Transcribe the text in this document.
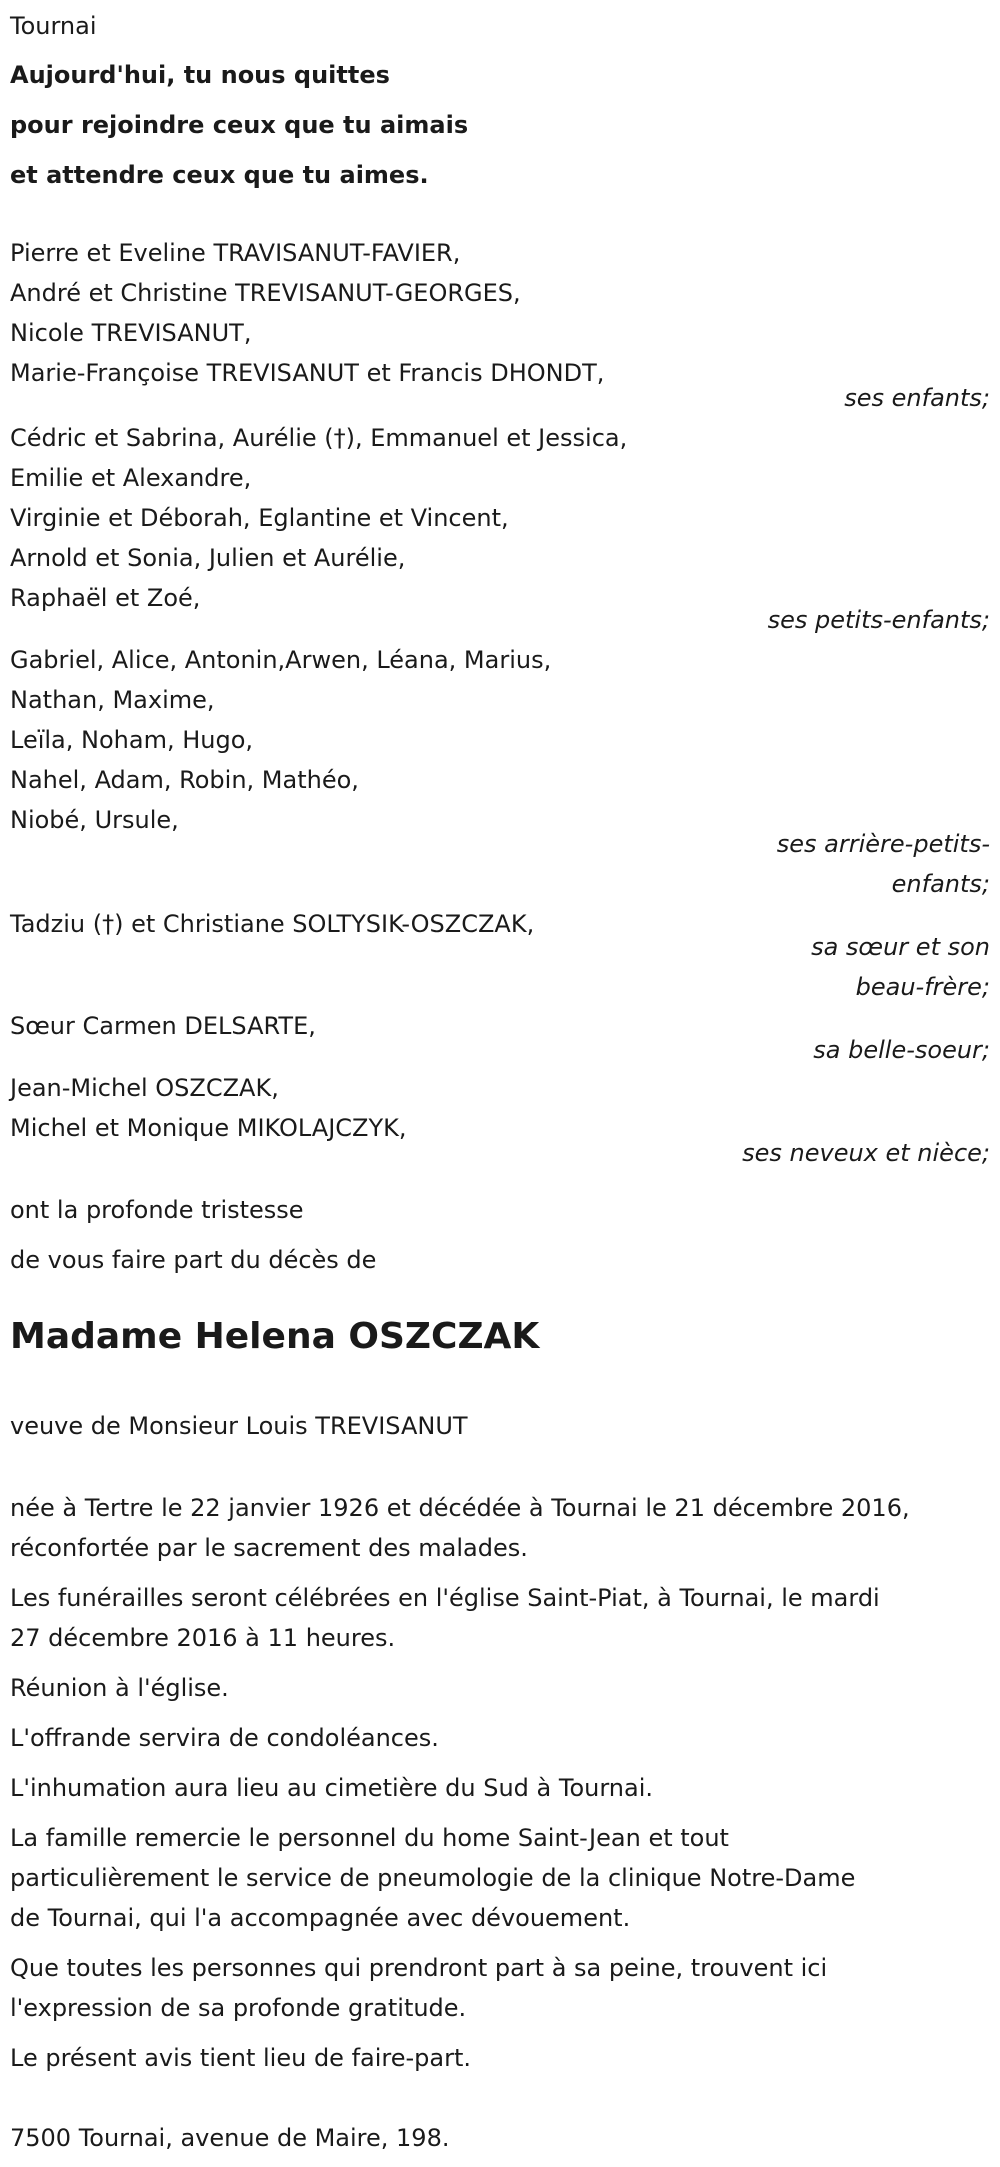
Tournai
Aujourd'hui, tu nous quittes
pour rejoindre ceux que tu aimais
et attendre ceux que tu aimes.
Pierre et Eveline TRAVISANUT-FAVIER,
André et Christine TREVISANUT-GEORGES,
Nicole TREVISANUT,
Marie-Françoise TREVISANUT et Francis DHONDT,
ses enfants;
Cédric et Sabrina, Aurélie (†), Emmanuel et Jessica,
Emilie et Alexandre,
Virginie et Déborah, Eglantine et Vincent,
Arnold et Sonia, Julien et Aurélie,
Raphaël et Zoé,
ses petits-enfants;
Gabriel, Alice, Antonin,Arwen, Léana, Marius,
Nathan, Maxime,
Leïla, Noham, Hugo,
Nahel, Adam, Robin, Mathéo,
Niobé, Ursule,
ses arrière-petits-
enfants;
Tadziu (†) et Christiane SOLTYSIK-OSZCZAK,
sa sœur et son
beau-frère;
Sœur Carmen DELSARTE,
sa belle-soeur;
Jean-Michel OSZCZAK,
Michel et Monique MIKOLAJCZYK,
ses neveux et nièce;
ont la profonde tristesse
de vous faire part du décès de
Madame Helena OSZCZAK
veuve de Monsieur Louis TREVISANUT
née à Tertre le 22 janvier 1926 et décédée à Tournai le 21 décembre 2016,
réconfortée par le sacrement des malades.
Les funérailles seront célébrées en l'église Saint-Piat, à Tournai, le mardi
27 décembre 2016 à 11 heures.
Réunion à l'église.
L'offrande servira de condoléances.
L'inhumation aura lieu au cimetière du Sud à Tournai.
La famille remercie le personnel du home Saint-Jean et tout
particulièrement le service de pneumologie de la clinique Notre-Dame
de Tournai, qui l'a accompagnée avec dévouement.
Que toutes les personnes qui prendront part à sa peine, trouvent ici
l'expression de sa profonde gratitude.
Le présent avis tient lieu de faire-part.
7500 Tournai, avenue de Maire, 198.
